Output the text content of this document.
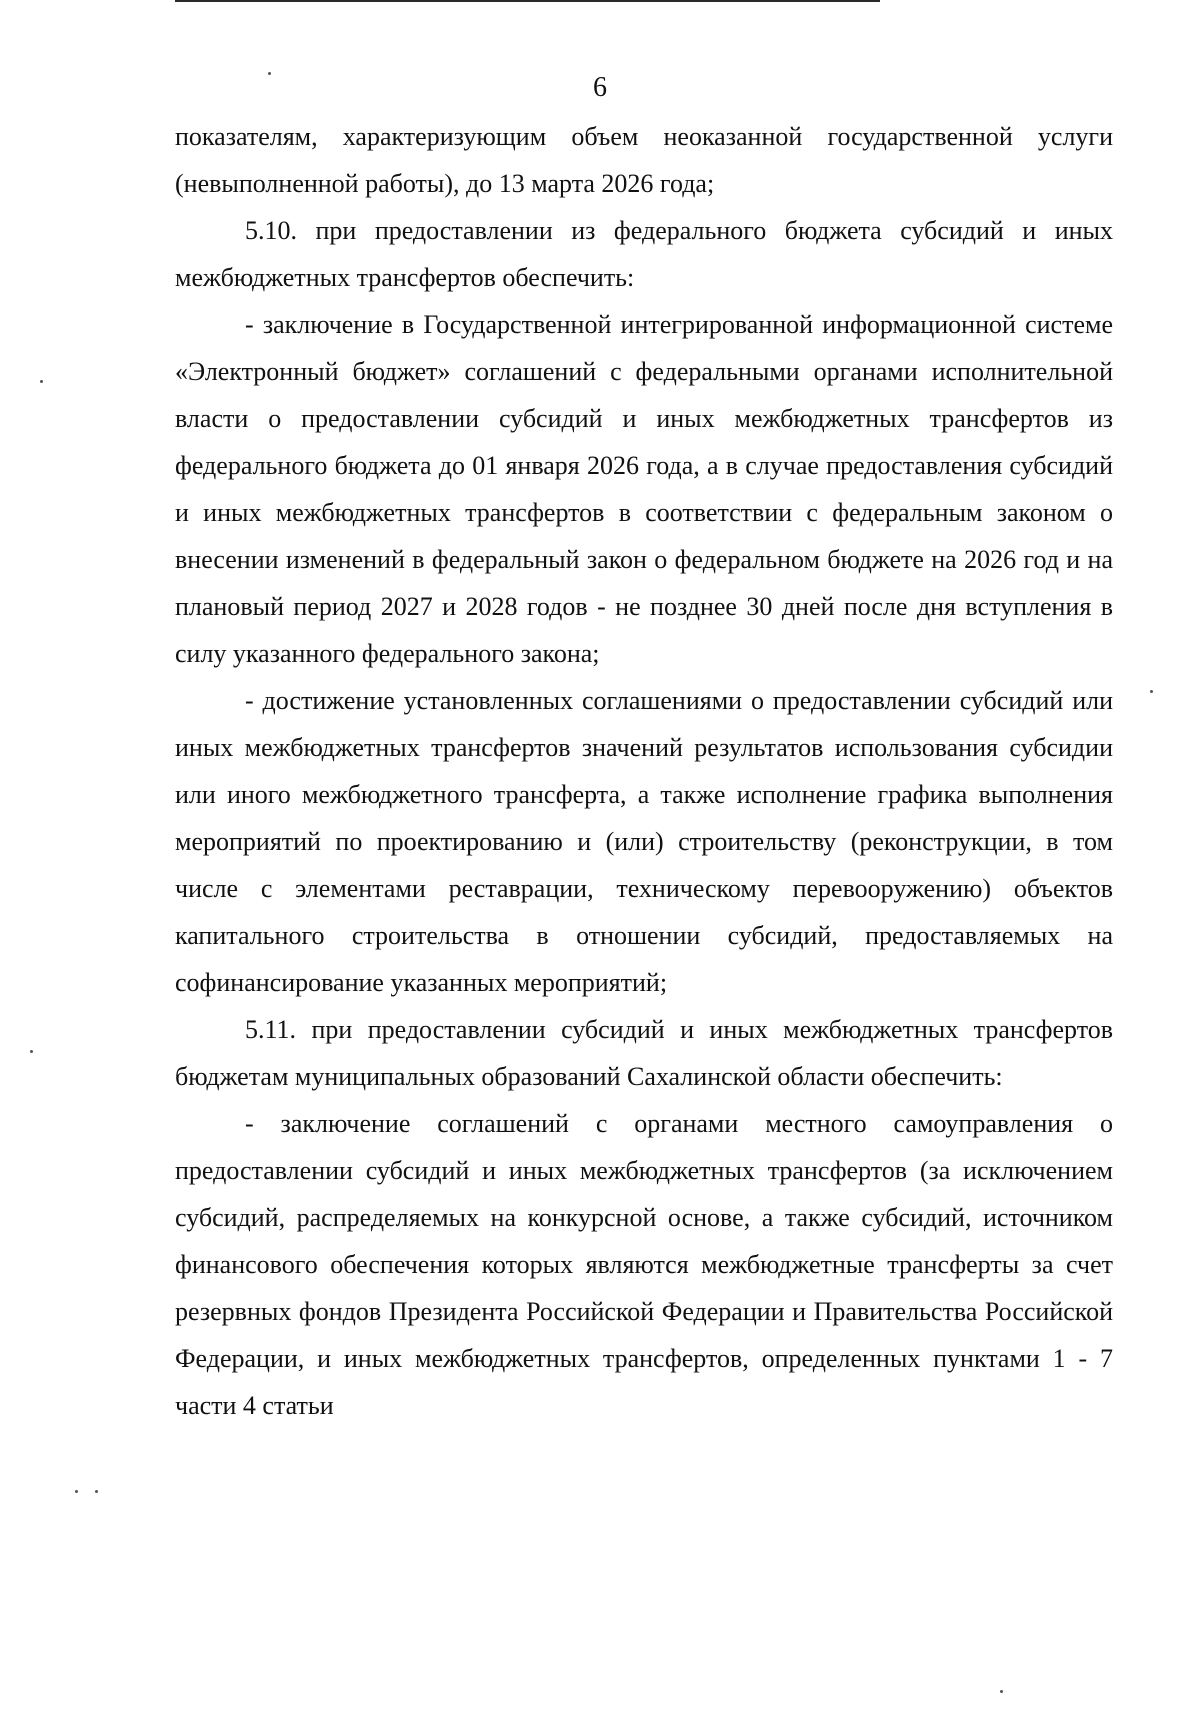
6

показателям, характеризующим объем неоказанной государственной услуги (невыполненной работы), до 13 марта 2026 года;

5.10. при предоставлении из федерального бюджета субсидий и иных межбюджетных трансфертов обеспечить:

- заключение в Государственной интегрированной информационной системе «Электронный бюджет» соглашений с федеральными органами исполнительной власти о предоставлении субсидий и иных межбюджетных трансфертов из федерального бюджета до 01 января 2026 года, а в случае предоставления субсидий и иных межбюджетных трансфертов в соответствии с федеральным законом о внесении изменений в федеральный закон о федеральном бюджете на 2026 год и на плановый период 2027 и 2028 годов - не позднее 30 дней после дня вступления в силу указанного федерального закона;

- достижение установленных соглашениями о предоставлении субсидий или иных межбюджетных трансфертов значений результатов использования субсидии или иного межбюджетного трансферта, а также исполнение графика выполнения мероприятий по проектированию и (или) строительству (реконструкции, в том числе с элементами реставрации, техническому перевооружению) объектов капитального строительства в отношении субсидий, предоставляемых на софинансирование указанных мероприятий;

5.11. при предоставлении субсидий и иных межбюджетных трансфертов бюджетам муниципальных образований Сахалинской области обеспечить:

- заключение соглашений с органами местного самоуправления о предоставлении субсидий и иных межбюджетных трансфертов (за исключением субсидий, распределяемых на конкурсной основе, а также субсидий, источником финансового обеспечения которых являются межбюджетные трансферты за счет резервных фондов Президента Российской Федерации и Правительства Российской Федерации, и иных межбюджетных трансфертов, определенных пунктами 1 - 7 части 4 статьи
